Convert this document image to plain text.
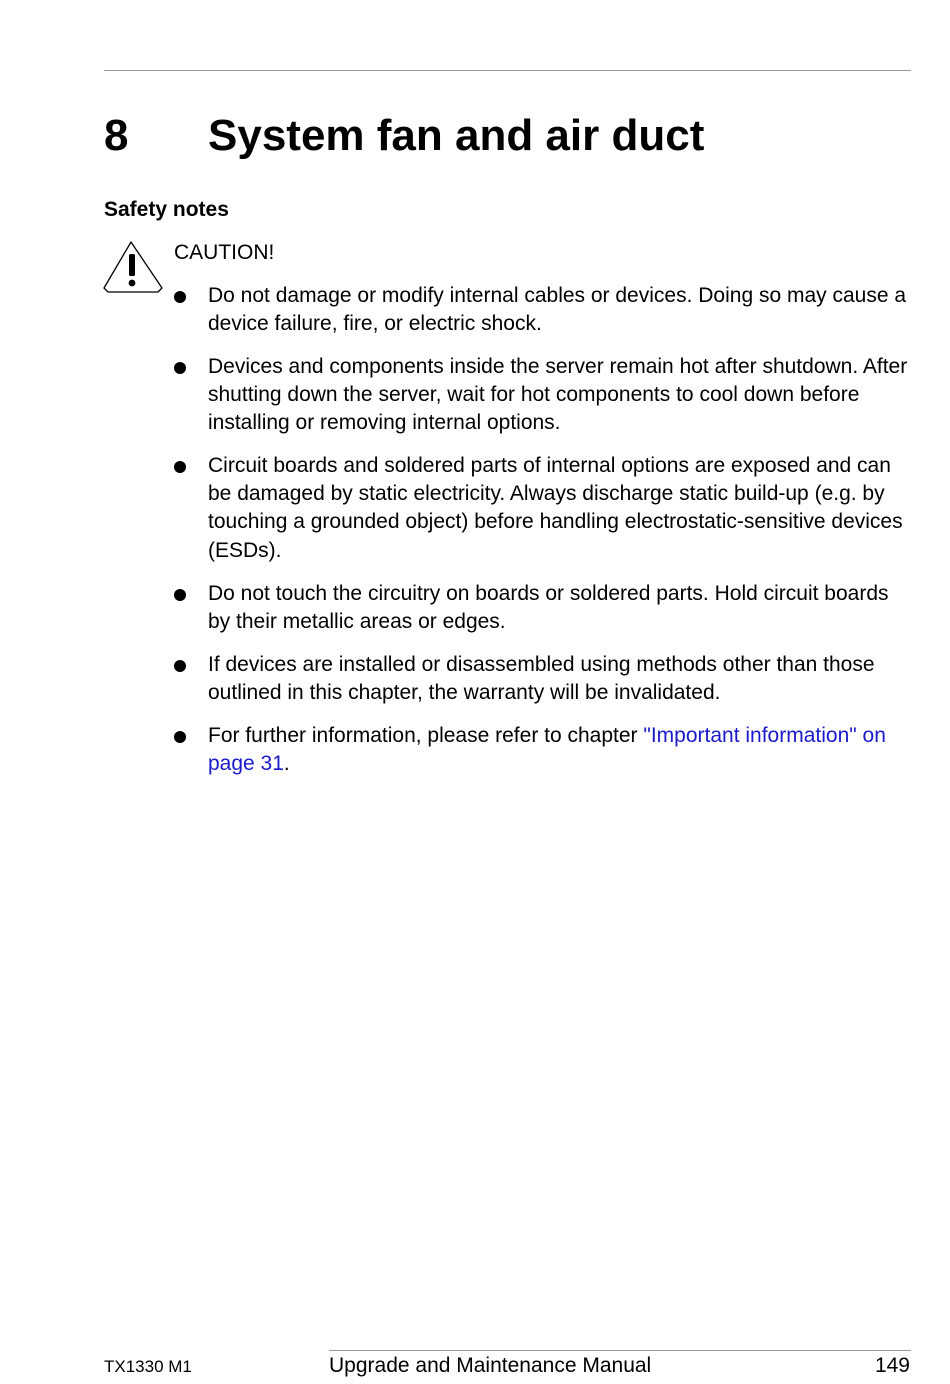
8 System fan and air duct
Safety notes
CAUTION!

Do not damage or modify internal cables or devices. Doing so may cause a device failure, fire, or electric shock.

Devices and components inside the server remain hot after shutdown. After shutting down the server, wait for hot components to cool down before installing or removing internal options.

Circuit boards and soldered parts of internal options are exposed and can be damaged by static electricity. Always discharge static build-up (e.g. by touching a grounded object) before handling electrostatic-sensitive devices (ESDs).

Do not touch the circuitry on boards or soldered parts. Hold circuit boards by their metallic areas or edges.

If devices are installed or disassembled using methods other than those outlined in this chapter, the warranty will be invalidated.

For further information, please refer to chapter "Important information" on page 31.

TX1330 M1	Upgrade and Maintenance Manual	149
